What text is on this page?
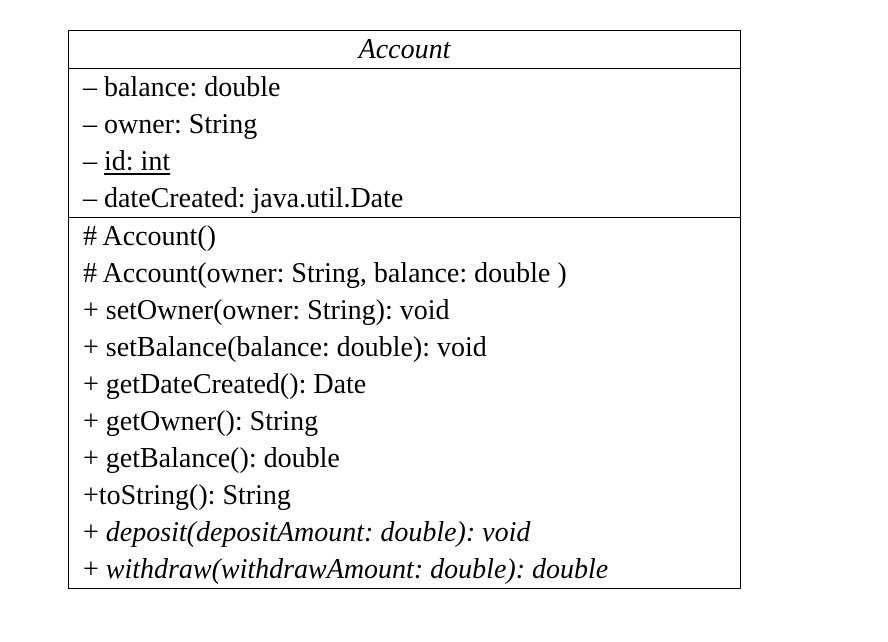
Account
– balance: double
– owner: String
– id: int
– dateCreated: java.util.Date
# Account()
# Account(owner: String, balance: double )
+ setOwner(owner: String): void
+ setBalance(balance: double): void
+ getDateCreated(): Date
+ getOwner(): String
+ getBalance(): double
+toString(): String
+ deposit(depositAmount: double): void
+ withdraw(withdrawAmount: double): double
